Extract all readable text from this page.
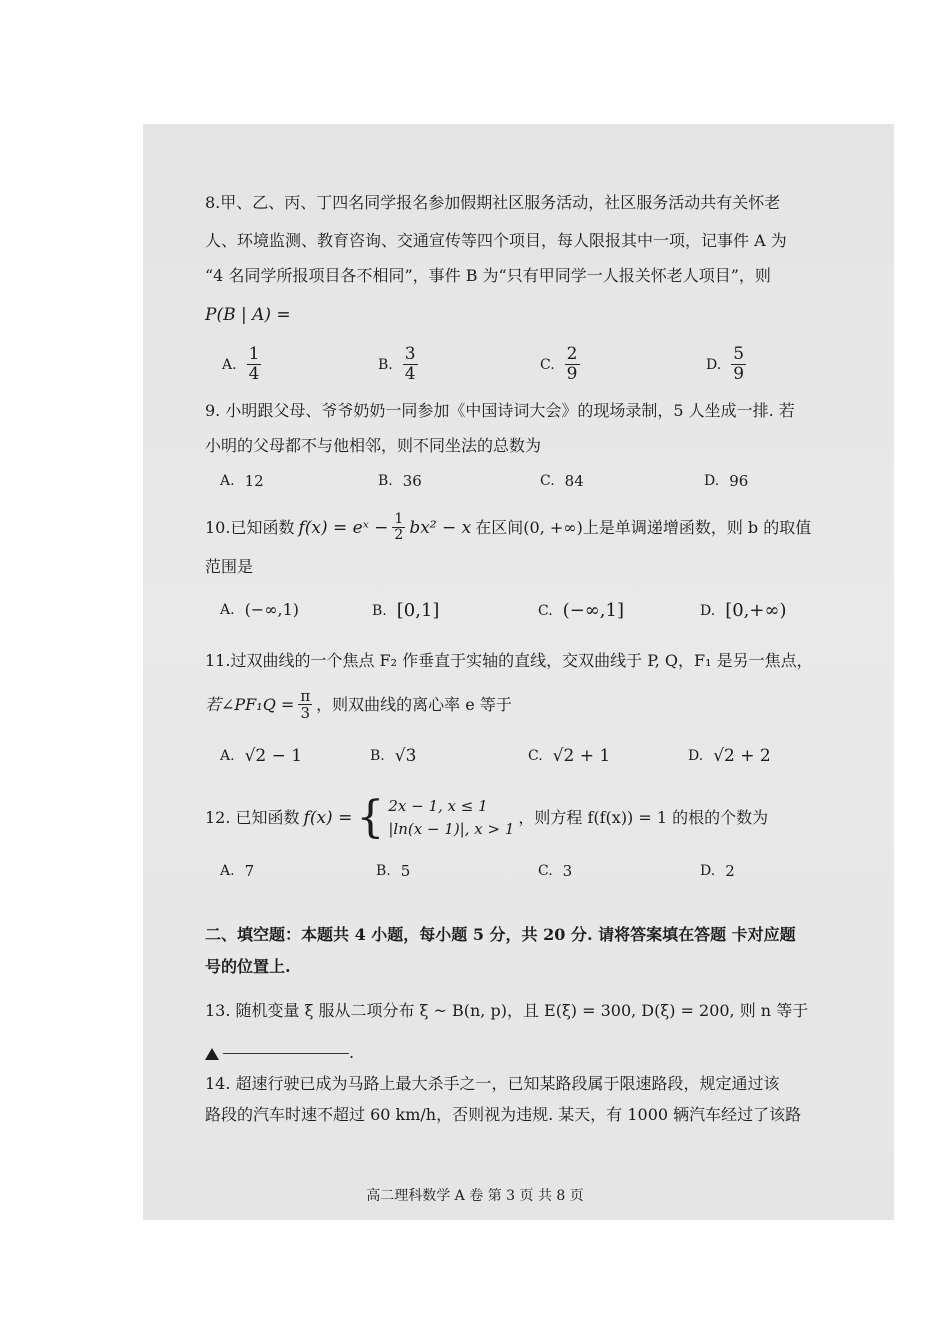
8.甲、乙、丙、丁四名同学报名参加假期社区服务活动，社区服务活动共有关怀老
人、环境监测、教育咨询、交通宣传等四个项目，每人限报其中一项，记事件 A 为
“4 名同学所报项目各不相同”，事件 B 为“只有甲同学一人报关怀老人项目”，则
P(B | A) =
A. $\frac{1}{4}$	B. $\frac{3}{4}$	C. $\frac{2}{9}$	D. $\frac{5}{9}$
9. 小明跟父母、爷爷奶奶一同参加《中国诗词大会》的现场录制，5 人坐成一排. 若
小明的父母都不与他相邻，则不同坐法的总数为
A. 12	B. 36	C. 84	D. 96
10.已知函数 f(x) = eˣ − $\frac{1}{2} bx^2 - x$ 在区间(0, +∞)上是单调递增函数，则 b 的取值
范围是
A. (−∞,1)	B. [0,1]	C. (−∞,1]	D. [0,+∞)
11.过双曲线的一个焦点 F₂ 作垂直于实轴的直线，交双曲线于 P, Q，F₁ 是另一焦点，
若∠PF₁Q = $\frac{\pi}{3}$ ，则双曲线的离心率 e 等于
A. √2 − 1	B. √3	C. √2 + 1	D. √2 + 2
12. 已知函数 f(x) = { 2x − 1, x ≤ 1
|ln(x − 1)|, x > 1
，则方程 f(f(x)) = 1 的根的个数为
A. 7	B. 5	C. 3	D. 2
二、填空题：本题共 4 小题，每小题 5 分，共 20 分. 请将答案填在答题 卡对应题
号的位置上.
13. 随机变量 ξ 服从二项分布 ξ ~ B(n, p)，且 E(ξ) = 300, D(ξ) = 200, 则 n 等于
.
14. 超速行驶已成为马路上最大杀手之一，已知某路段属于限速路段，规定通过该
路段的汽车时速不超过 60 km/h，否则视为违规. 某天，有 1000 辆汽车经过了该路
高二理科数学 A 卷 第 3 页 共 8 页
